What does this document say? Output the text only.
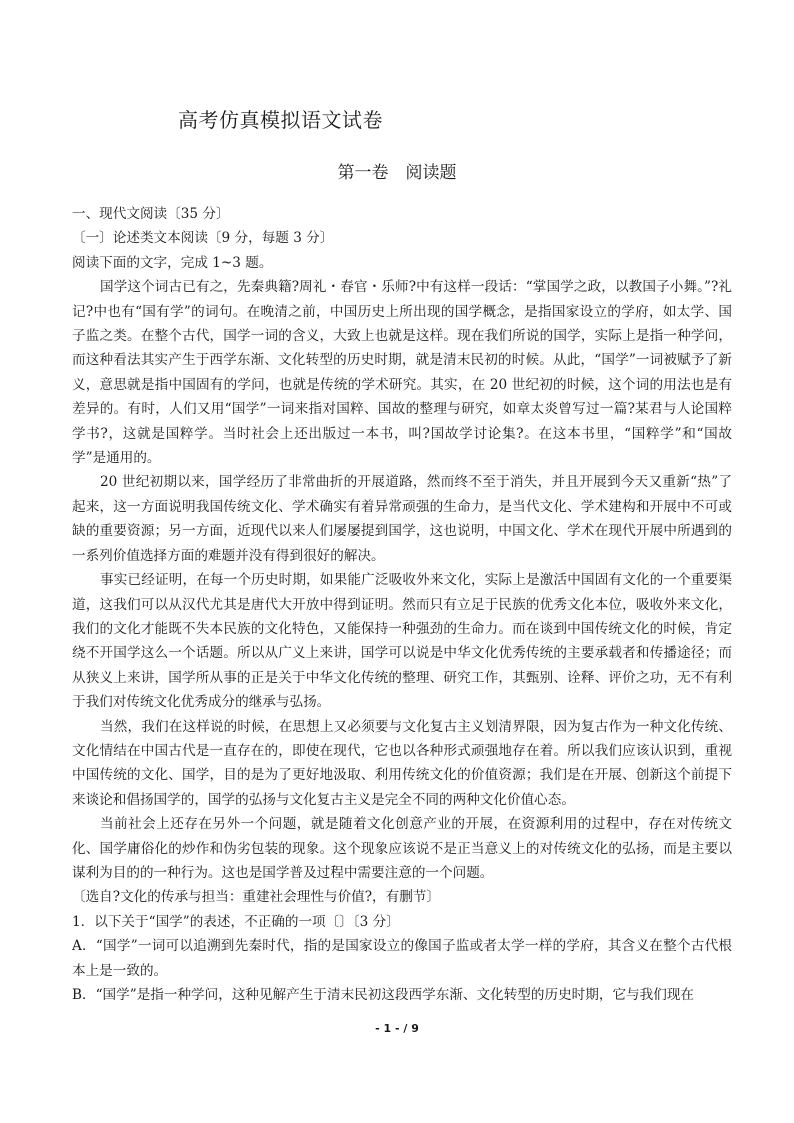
高考仿真模拟语文试卷
第一卷　阅读题

一、现代文阅读〔35 分〕

〔一〕论述类文本阅读〔9 分，每题 3 分〕

阅读下面的文字，完成 1~3 题。

国学这个词古已有之，先秦典籍?周礼・春官・乐师?中有这样一段话：“掌国学之政，以教国子小舞。”?礼记?中也有“国有学”的词句。在晚清之前，中国历史上所出现的国学概念，是指国家设立的学府，如太学、国子监之类。在整个古代，国学一词的含义，大致上也就是这样。现在我们所说的国学，实际上是指一种学问，而这种看法其实产生于西学东渐、文化转型的历史时期，就是清末民初的时候。从此，“国学”一词被赋予了新义，意思就是指中国固有的学问，也就是传统的学术研究。其实，在 20 世纪初的时候，这个词的用法也是有差异的。有时，人们又用“国学”一词来指对国粹、国故的整理与研究，如章太炎曾写过一篇?某君与人论国粹学书?，这就是国粹学。当时社会上还出版过一本书，叫?国故学讨论集?。在这本书里，“国粹学”和“国故学”是通用的。

20 世纪初期以来，国学经历了非常曲折的开展道路，然而终不至于消失，并且开展到今天又重新“热”了起来，这一方面说明我国传统文化、学术确实有着异常顽强的生命力，是当代文化、学术建构和开展中不可或缺的重要资源；另一方面，近现代以来人们屡屡提到国学，这也说明，中国文化、学术在现代开展中所遇到的一系列价值选择方面的难题并没有得到很好的解决。

事实已经证明，在每一个历史时期，如果能广泛吸收外来文化，实际上是激活中国固有文化的一个重要渠道，这我们可以从汉代尤其是唐代大开放中得到证明。然而只有立足于民族的优秀文化本位，吸收外来文化，我们的文化才能既不失本民族的文化特色，又能保持一种强劲的生命力。而在谈到中国传统文化的时候，肯定绕不开国学这么一个话题。所以从广义上来讲，国学可以说是中华文化优秀传统的主要承载者和传播途径；而从狭义上来讲，国学所从事的正是关于中华文化传统的整理、研究工作，其甄别、诠释、评价之功，无不有利于我们对传统文化优秀成分的继承与弘扬。

当然，我们在这样说的时候，在思想上又必须要与文化复古主义划清界限，因为复古作为一种文化传统、文化情结在中国古代是一直存在的，即使在现代，它也以各种形式顽强地存在着。所以我们应该认识到，重视中国传统的文化、国学，目的是为了更好地汲取、利用传统文化的价值资源；我们是在开展、创新这个前提下来谈论和倡扬国学的，国学的弘扬与文化复古主义是完全不同的两种文化价值心态。

当前社会上还存在另外一个问题，就是随着文化创意产业的开展，在资源利用的过程中，存在对传统文化、国学庸俗化的炒作和伪劣包装的现象。这个现象应该说不是正当意义上的对传统文化的弘扬，而是主要以谋利为目的的一种行为。这也是国学普及过程中需要注意的一个问题。

〔选自?文化的传承与担当：重建社会理性与价值?，有删节〕

1．以下关于“国学”的表述，不正确的一项〔〕〔3 分〕

A．“国学”一词可以追溯到先秦时代，指的是国家设立的像国子监或者太学一样的学府，其含义在整个古代根本上是一致的。

B．“国学”是指一种学问，这种见解产生于清末民初这段西学东渐、文化转型的历史时期，它与我们现在

- 1 - / 9
